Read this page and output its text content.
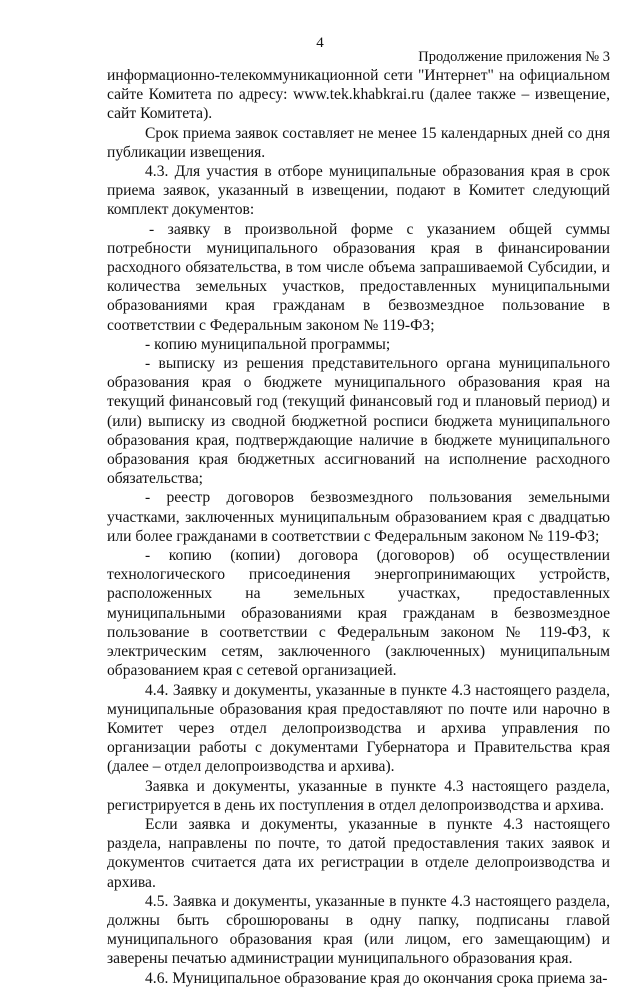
4
Продолжение приложения № 3

информационно-телекоммуникационной сети "Интернет" на официальном сайте Комитета по адресу: www.tek.khabkrai.ru (далее также – извещение, сайт Комитета).

Срок приема заявок составляет не менее 15 календарных дней со дня публикации извещения.

4.3. Для участия в отборе муниципальные образования края в срок приема заявок, указанный в извещении, подают в Комитет следующий комплект документов:

- заявку в произвольной форме с указанием общей суммы потребности муниципального образования края в финансировании расходного обязательства, в том числе объема запрашиваемой Субсидии, и количества земельных участков, предоставленных муниципальными образованиями края гражданам в безвозмездное пользование в соответствии с Федеральным законом № 119-ФЗ;

- копию муниципальной программы;

- выписку из решения представительного органа муниципального образования края о бюджете муниципального образования края на текущий финансовый год (текущий финансовый год и плановый период) и (или) выписку из сводной бюджетной росписи бюджета муниципального образования края, подтверждающие наличие в бюджете муниципального образования края бюджетных ассигнований на исполнение расходного обязательства;

- реестр договоров безвозмездного пользования земельными участками, заключенных муниципальным образованием края с двадцатью или более гражданами в соответствии с Федеральным законом № 119-ФЗ;

- копию (копии) договора (договоров) об осуществлении технологического присоединения энергопринимающих устройств, расположенных на земельных участках, предоставленных муниципальными образованиями края гражданам в безвозмездное пользование в соответствии с Федеральным законом № 119-ФЗ, к электрическим сетям, заключенного (заключенных) муниципальным образованием края с сетевой организацией.

4.4. Заявку и документы, указанные в пункте 4.3 настоящего раздела, муниципальные образования края предоставляют по почте или нарочно в Комитет через отдел делопроизводства и архива управления по организации работы с документами Губернатора и Правительства края (далее – отдел делопроизводства и архива).

Заявка и документы, указанные в пункте 4.3 настоящего раздела, регистрируется в день их поступления в отдел делопроизводства и архива.

Если заявка и документы, указанные в пункте 4.3 настоящего раздела, направлены по почте, то датой предоставления таких заявок и документов считается дата их регистрации в отделе делопроизводства и архива.

4.5. Заявка и документы, указанные в пункте 4.3 настоящего раздела, должны быть сброшюрованы в одну папку, подписаны главой муниципального образования края (или лицом, его замещающим) и заверены печатью администрации муниципального образования края.

4.6. Муниципальное образование края до окончания срока приема за-
